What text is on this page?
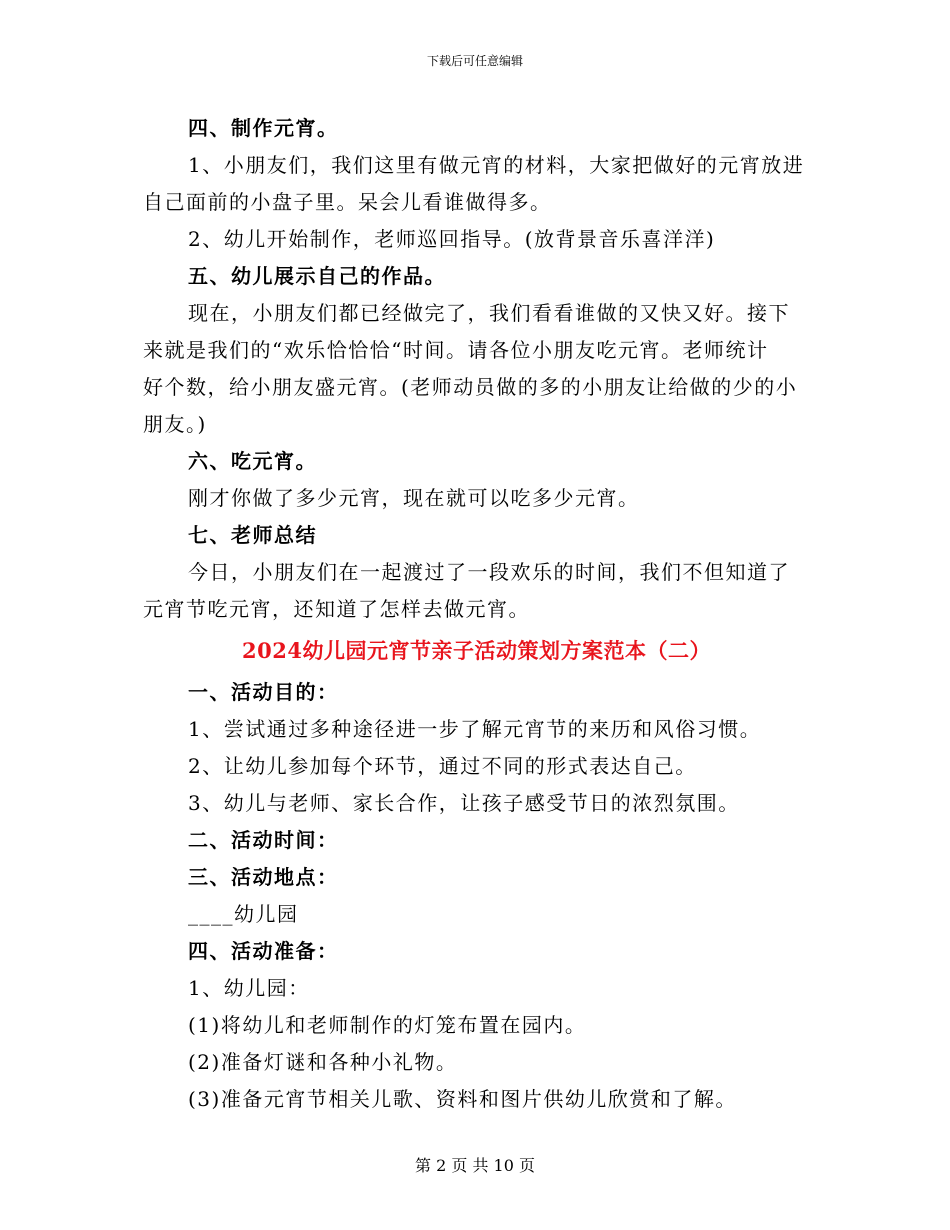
下载后可任意编辑
四、制作元宵。
1、小朋友们，我们这里有做元宵的材料，大家把做好的元宵放进
自己面前的小盘子里。呆会儿看谁做得多。
2、幼儿开始制作，老师巡回指导。(放背景音乐喜洋洋)
五、幼儿展示自己的作品。
现在，小朋友们都已经做完了，我们看看谁做的又快又好。接下
来就是我们的“欢乐恰恰恰“时间。请各位小朋友吃元宵。老师统计
好个数，给小朋友盛元宵。(老师动员做的多的小朋友让给做的少的小
朋友。)
六、吃元宵。
刚才你做了多少元宵，现在就可以吃多少元宵。
七、老师总结
今日，小朋友们在一起渡过了一段欢乐的时间，我们不但知道了
元宵节吃元宵，还知道了怎样去做元宵。
2024幼儿园元宵节亲子活动策划方案范本（二）
一、活动目的：
1、尝试通过多种途径进一步了解元宵节的来历和风俗习惯。
2、让幼儿参加每个环节，通过不同的形式表达自己。
3、幼儿与老师、家长合作，让孩子感受节日的浓烈氛围。
二、活动时间：
三、活动地点：
____幼儿园
四、活动准备：
1、幼儿园：
(1)将幼儿和老师制作的灯笼布置在园内。
(2)准备灯谜和各种小礼物。
(3)准备元宵节相关儿歌、资料和图片供幼儿欣赏和了解。
第 2 页 共 10 页
